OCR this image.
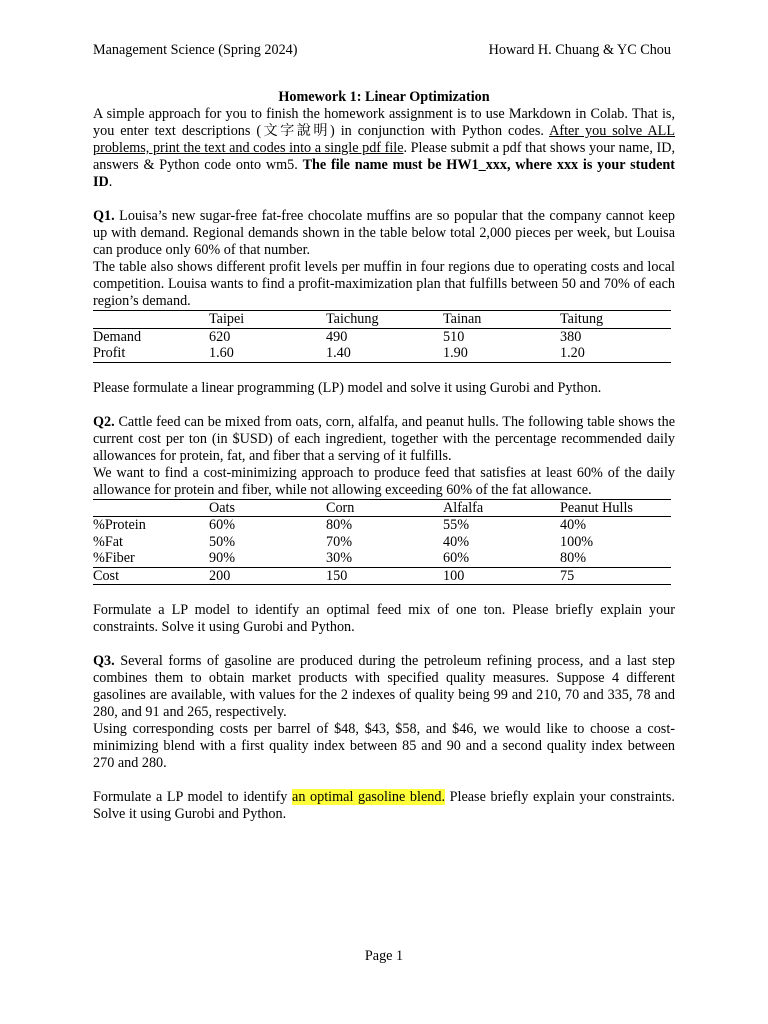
Management Science (Spring 2024)	Howard H. Chuang & YC Chou
Homework 1: Linear Optimization

A simple approach for you to finish the homework assignment is to use Markdown in Colab. That is, you enter text descriptions (文字說明) in conjunction with Python codes. After you solve ALL problems, print the text and codes into a single pdf file. Please submit a pdf that shows your name, ID, answers & Python code onto wm5. The file name must be HW1_xxx, where xxx is your student ID.

Q1. Louisa’s new sugar-free fat-free chocolate muffins are so popular that the company cannot keep up with demand. Regional demands shown in the table below total 2,000 pieces per week, but Louisa can produce only 60% of that number.

The table also shows different profit levels per muffin in four regions due to operating costs and local competition. Louisa wants to find a profit-maximization plan that fulfills between 50 and 70% of each region’s demand.

	Taipei	Taichung	Tainan	Taitung
Demand	620	490	510	380
Profit	1.60	1.40	1.90	1.20

Please formulate a linear programming (LP) model and solve it using Gurobi and Python.

Q2. Cattle feed can be mixed from oats, corn, alfalfa, and peanut hulls. The following table shows the current cost per ton (in $USD) of each ingredient, together with the percentage recommended daily allowances for protein, fat, and fiber that a serving of it fulfills.

We want to find a cost-minimizing approach to produce feed that satisfies at least 60% of the daily allowance for protein and fiber, while not allowing exceeding 60% of the fat allowance.

	Oats	Corn	Alfalfa	Peanut Hulls
%Protein	60%	80%	55%	40%
%Fat	50%	70%	40%	100%
%Fiber	90%	30%	60%	80%
Cost	200	150	100	75

Formulate a LP model to identify an optimal feed mix of one ton. Please briefly explain your constraints. Solve it using Gurobi and Python.

Q3. Several forms of gasoline are produced during the petroleum refining process, and a last step combines them to obtain market products with specified quality measures. Suppose 4 different gasolines are available, with values for the 2 indexes of quality being 99 and 210, 70 and 335, 78 and 280, and 91 and 265, respectively.

Using corresponding costs per barrel of $48, $43, $58, and $46, we would like to choose a cost-minimizing blend with a first quality index between 85 and 90 and a second quality index between 270 and 280.

Formulate a LP model to identify an optimal gasoline blend. Please briefly explain your constraints. Solve it using Gurobi and Python.

Page 1
